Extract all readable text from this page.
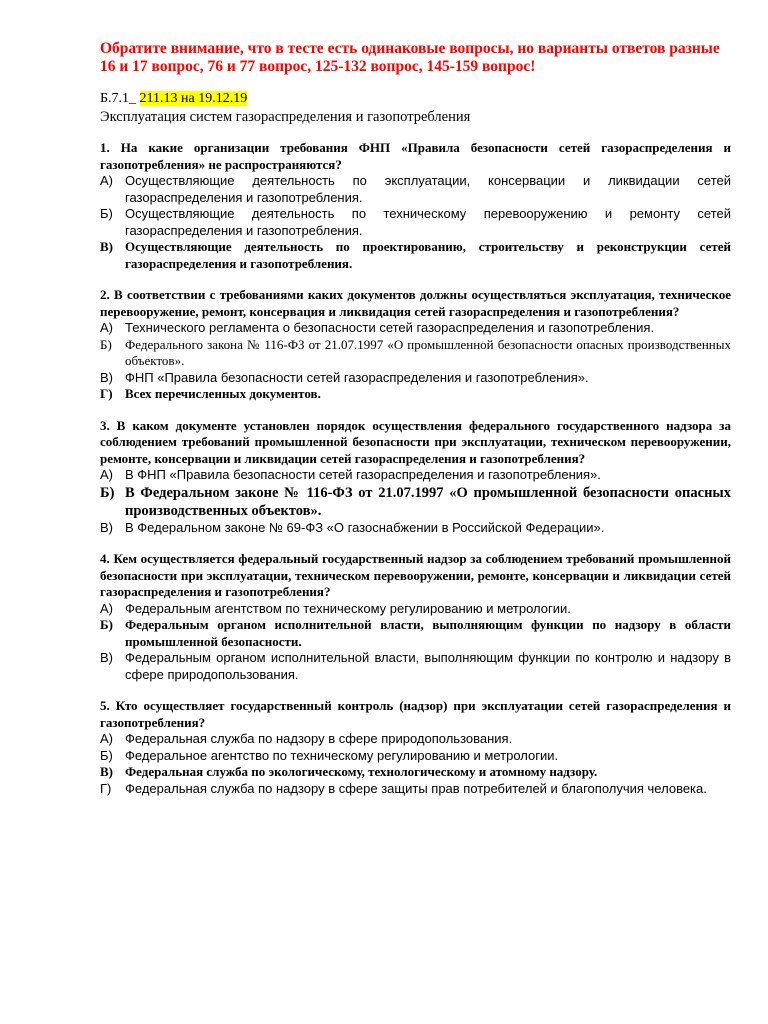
Обратите внимание, что в тесте есть одинаковые вопросы, но варианты ответов разные 16 и 17 вопрос, 76 и 77 вопрос, 125-132 вопрос, 145-159 вопрос!

Б.7.1_ 211.13 на 19.12.19

Эксплуатация систем газораспределения и газопотребления

1. На какие организации требования ФНП «Правила безопасности сетей газораспределения и газопотребления» не распространяются?

А) Осуществляющие деятельность по эксплуатации, консервации и ликвидации сетей газораспределения и газопотребления.
Б) Осуществляющие деятельность по техническому перевооружению и ремонту сетей газораспределения и газопотребления.
В) Осуществляющие деятельность по проектированию, строительству и реконструкции сетей газораспределения и газопотребления.

2. В соответствии с требованиями каких документов должны осуществляться эксплуатация, техническое перевооружение, ремонт, консервация и ликвидация сетей газораспределения и газопотребления?

А) Технического регламента о безопасности сетей газораспределения и газопотребления.
Б)	Федерального закона № 116-ФЗ от 21.07.1997 «О промышленной безопасности опасных производственных объектов».
В) ФНП «Правила безопасности сетей газораспределения и газопотребления».
Г) Всех перечисленных документов.

3. В каком документе установлен порядок осуществления федерального государственного надзора за соблюдением требований промышленной безопасности при эксплуатации, техническом перевооружении, ремонте, консервации и ликвидации сетей газораспределения и газопотребления?

А) В ФНП «Правила безопасности сетей газораспределения и газопотребления».
Б) В Федеральном законе № 116-ФЗ от 21.07.1997 «О промышленной безопасности опасных производственных объектов».
В) В Федеральном законе № 69-ФЗ «О газоснабжении в Российской Федерации».

4. Кем осуществляется федеральный государственный надзор за соблюдением требований промышленной безопасности при эксплуатации, техническом перевооружении, ремонте, консервации и ликвидации сетей газораспределения и газопотребления?

А) Федеральным агентством по техническому регулированию и метрологии.
Б) Федеральным органом исполнительной власти, выполняющим функции по надзору в области промышленной безопасности.
В) Федеральным органом исполнительной власти, выполняющим функции по контролю и надзору в сфере природопользования.

5. Кто осуществляет государственный контроль (надзор) при эксплуатации сетей газораспределения и газопотребления?

А) Федеральная служба по надзору в сфере природопользования.
Б) Федеральное агентство по техническому регулированию и метрологии.
В) Федеральная служба по экологическому, технологическому и атомному надзору.
Г)	Федеральная служба по надзору в сфере защиты прав потребителей и благополучия человека.
